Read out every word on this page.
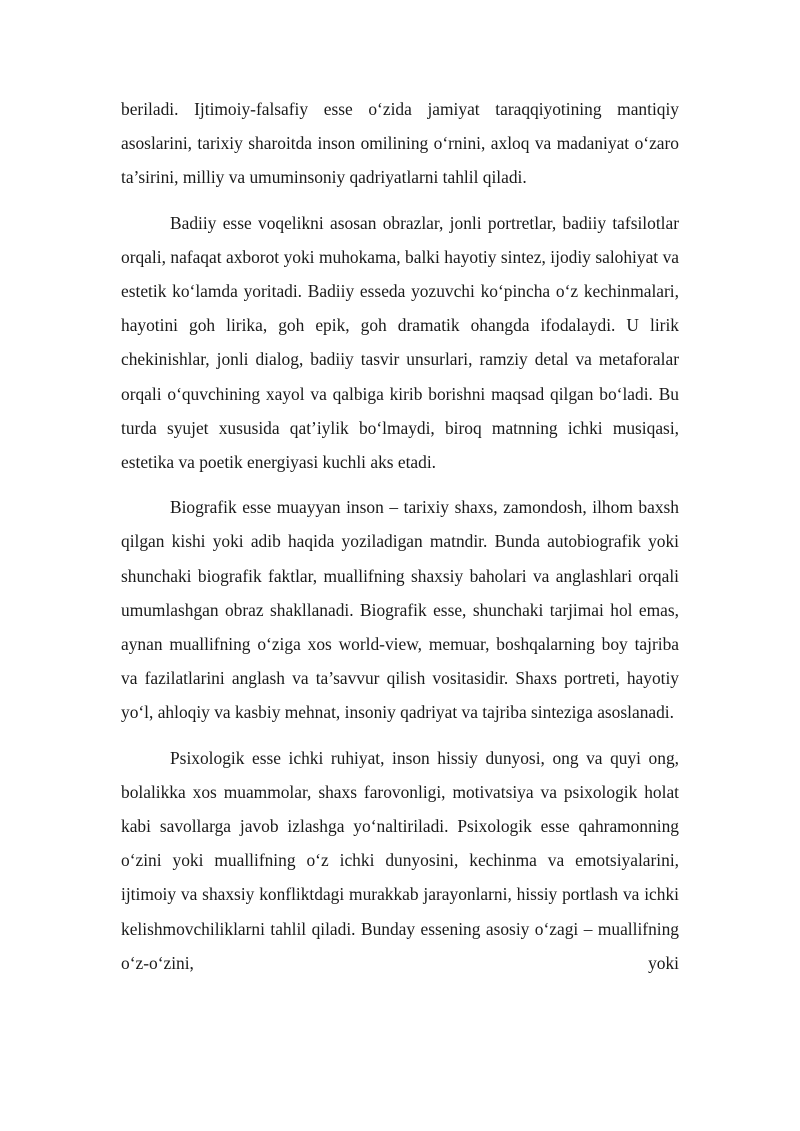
beriladi. Ijtimoiy-falsafiy esse o‘zida jamiyat taraqqiyotining mantiqiy asoslarini, tarixiy sharoitda inson omilining o‘rnini, axloq va madaniyat o‘zaro ta’sirini, milliy va umuminsoniy qadriyatlarni tahlil qiladi.

Badiiy esse voqelikni asosan obrazlar, jonli portretlar, badiiy tafsilotlar orqali, nafaqat axborot yoki muhokama, balki hayotiy sintez, ijodiy salohiyat va estetik ko‘lamda yoritadi. Badiiy esseda yozuvchi ko‘pincha o‘z kechinmalari, hayotini goh lirika, goh epik, goh dramatik ohangda ifodalaydi. U lirik chekinishlar, jonli dialog, badiiy tasvir unsurlari, ramziy detal va metaforalar orqali o‘quvchining xayol va qalbiga kirib borishni maqsad qilgan bo‘ladi. Bu turda syujet xususida qat’iylik bo‘lmaydi, biroq matnning ichki musiqasi, estetika va poetik energiyasi kuchli aks etadi.

Biografik esse muayyan inson – tarixiy shaxs, zamondosh, ilhom baxsh qilgan kishi yoki adib haqida yoziladigan matndir. Bunda autobiografik yoki shunchaki biografik faktlar, muallifning shaxsiy baholari va anglashlari orqali umumlashgan obraz shakllanadi. Biografik esse, shunchaki tarjimai hol emas, aynan muallifning o‘ziga xos world-view, memuar, boshqalarning boy tajriba va fazilatlarini anglash va ta’savvur qilish vositasidir. Shaxs portreti, hayotiy yo‘l, ahloqiy va kasbiy mehnat, insoniy qadriyat va tajriba sinteziga asoslanadi.

Psixologik esse ichki ruhiyat, inson hissiy dunyosi, ong va quyi ong, bolalikka xos muammolar, shaxs farovonligi, motivatsiya va psixologik holat kabi savollarga javob izlashga yo‘naltiriladi. Psixologik esse qahramonning o‘zini yoki muallifning o‘z ichki dunyosini, kechinma va emotsiyalarini, ijtimoiy va shaxsiy konfliktdagi murakkab jarayonlarni, hissiy portlash va ichki kelishmovchiliklarni tahlil qiladi. Bunday essening asosiy o‘zagi – muallifning o‘z-o‘zini, yoki
